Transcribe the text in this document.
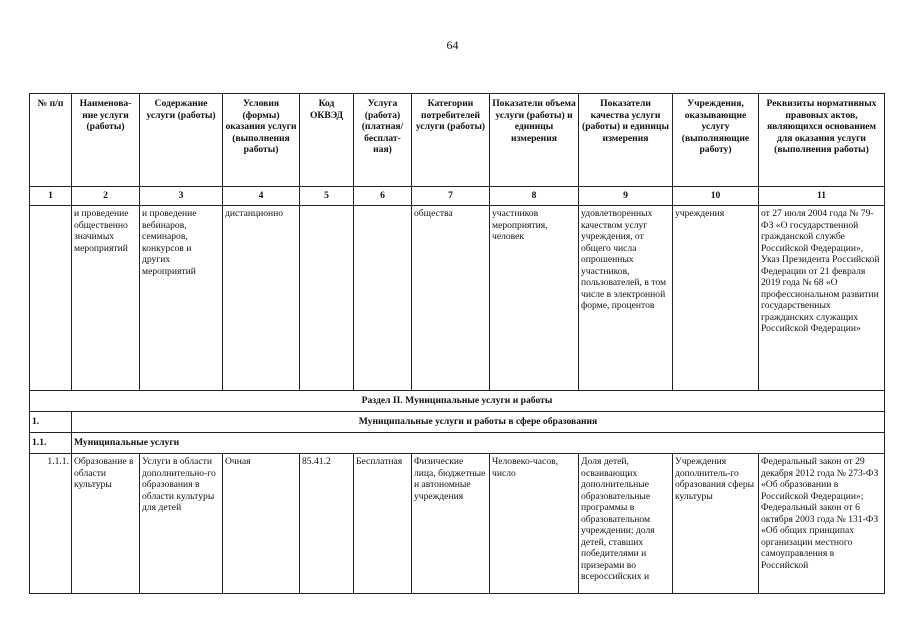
64
№ п/п	Наименова-ние услуги (работы)	Содержание услуги (работы)	Условия (формы) оказания услуги (выполнения работы)	Код ОКВЭД	Услуга (работа) (платная/ бесплат-ная)	Категории потребителей услуги (работы)	Показатели объема услуги (работы) и единицы измерения	Показатели качества услуги (работы) и единицы измерения	Учреждения, оказывающие услугу (выполняющие работу)	Реквизиты нормативных правовых актов, являющихся основанием для оказания услуги (выполнения работы)
1	2	3	4	5	6	7	8	9	10	11
	и проведение общественно значимых мероприятий	и проведение вебинаров, семинаров, конкурсов и других мероприятий	дистанционно			общества	участников мероприятия, человек	удовлетворенных качеством услуг учреждения, от общего числа опрошенных участников, пользователей, в том числе в электронной форме, процентов	учреждения	от 27 июля 2004 года № 79-ФЗ «О государственной гражданской службе Российской Федерации», Указ Президента Российской Федерации от 21 февраля 2019 года № 68 «О профессиональном развитии государственных гражданских служащих Российской Федерации»
Раздел II. Муниципальные услуги и работы										
1.	Муниципальные услуги и работы в сфере образования									
1.1.	Муниципальные услуги									
1.1.1.	Образование в области культуры	Услуги в области дополнительно-го образования в области культуры для детей	Очная	85.41.2	Бесплатная	Физические лица, бюджетные и автономные учреждения	Человеко-часов, число	Доля детей, осваивающих дополнительные образовательные программы в образовательном учреждении; доля детей, ставших победителями и призерами во всероссийских и	Учреждения дополнитель-го образования сферы культуры	Федеральный закон от 29 декабря 2012 года № 273-ФЗ «Об образовании в Российской Федерации»; Федеральный закон от 6 октября 2003 года № 131-ФЗ «Об общих принципах организации местного самоуправления в Российской
